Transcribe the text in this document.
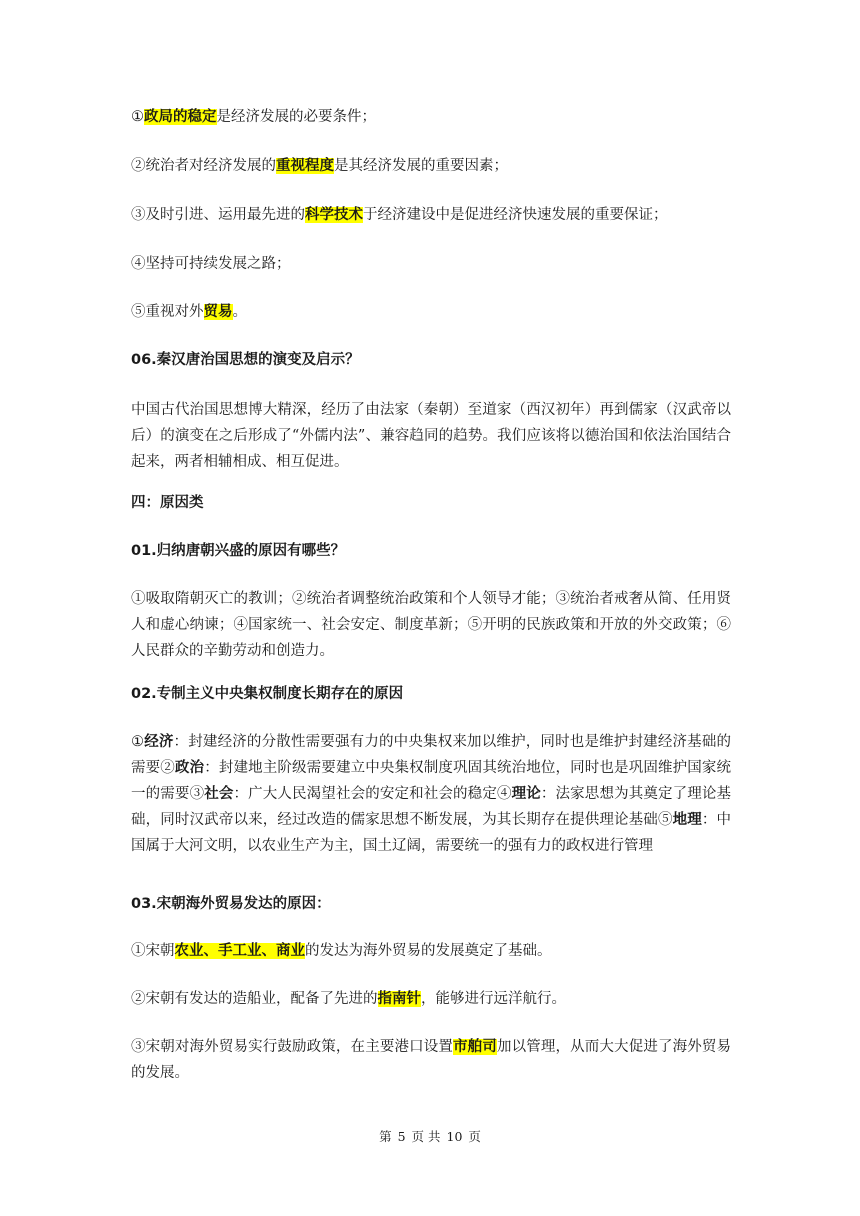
①政局的稳定是经济发展的必要条件；

②统治者对经济发展的重视程度是其经济发展的重要因素；

③及时引进、运用最先进的科学技术于经济建设中是促进经济快速发展的重要保证；

④坚持可持续发展之路；

⑤重视对外贸易。

06.秦汉唐治国思想的演变及启示？

中国古代治国思想博大精深，经历了由法家（秦朝）至道家（西汉初年）再到儒家（汉武帝以后）的演变在之后形成了“外儒内法”、兼容趋同的趋势。我们应该将以德治国和依法治国结合起来，两者相辅相成、相互促进。

四：原因类
01.归纳唐朝兴盛的原因有哪些？

①吸取隋朝灭亡的教训；②统治者调整统治政策和个人领导才能；③统治者戒奢从简、任用贤人和虚心纳谏；④国家统一、社会安定、制度革新；⑤开明的民族政策和开放的外交政策；⑥人民群众的辛勤劳动和创造力。

02.专制主义中央集权制度长期存在的原因

①经济：封建经济的分散性需要强有力的中央集权来加以维护，同时也是维护封建经济基础的需要②政治：封建地主阶级需要建立中央集权制度巩固其统治地位，同时也是巩固维护国家统一的需要③社会：广大人民渴望社会的安定和社会的稳定④理论：法家思想为其奠定了理论基础，同时汉武帝以来，经过改造的儒家思想不断发展，为其长期存在提供理论基础⑤地理：中国属于大河文明，以农业生产为主，国土辽阔，需要统一的强有力的政权进行管理

03.宋朝海外贸易发达的原因：

①宋朝农业、手工业、商业的发达为海外贸易的发展奠定了基础。

②宋朝有发达的造船业，配备了先进的指南针，能够进行远洋航行。

③宋朝对海外贸易实行鼓励政策，在主要港口设置市舶司加以管理，从而大大促进了海外贸易的发展。

第 5 页 共 10 页
